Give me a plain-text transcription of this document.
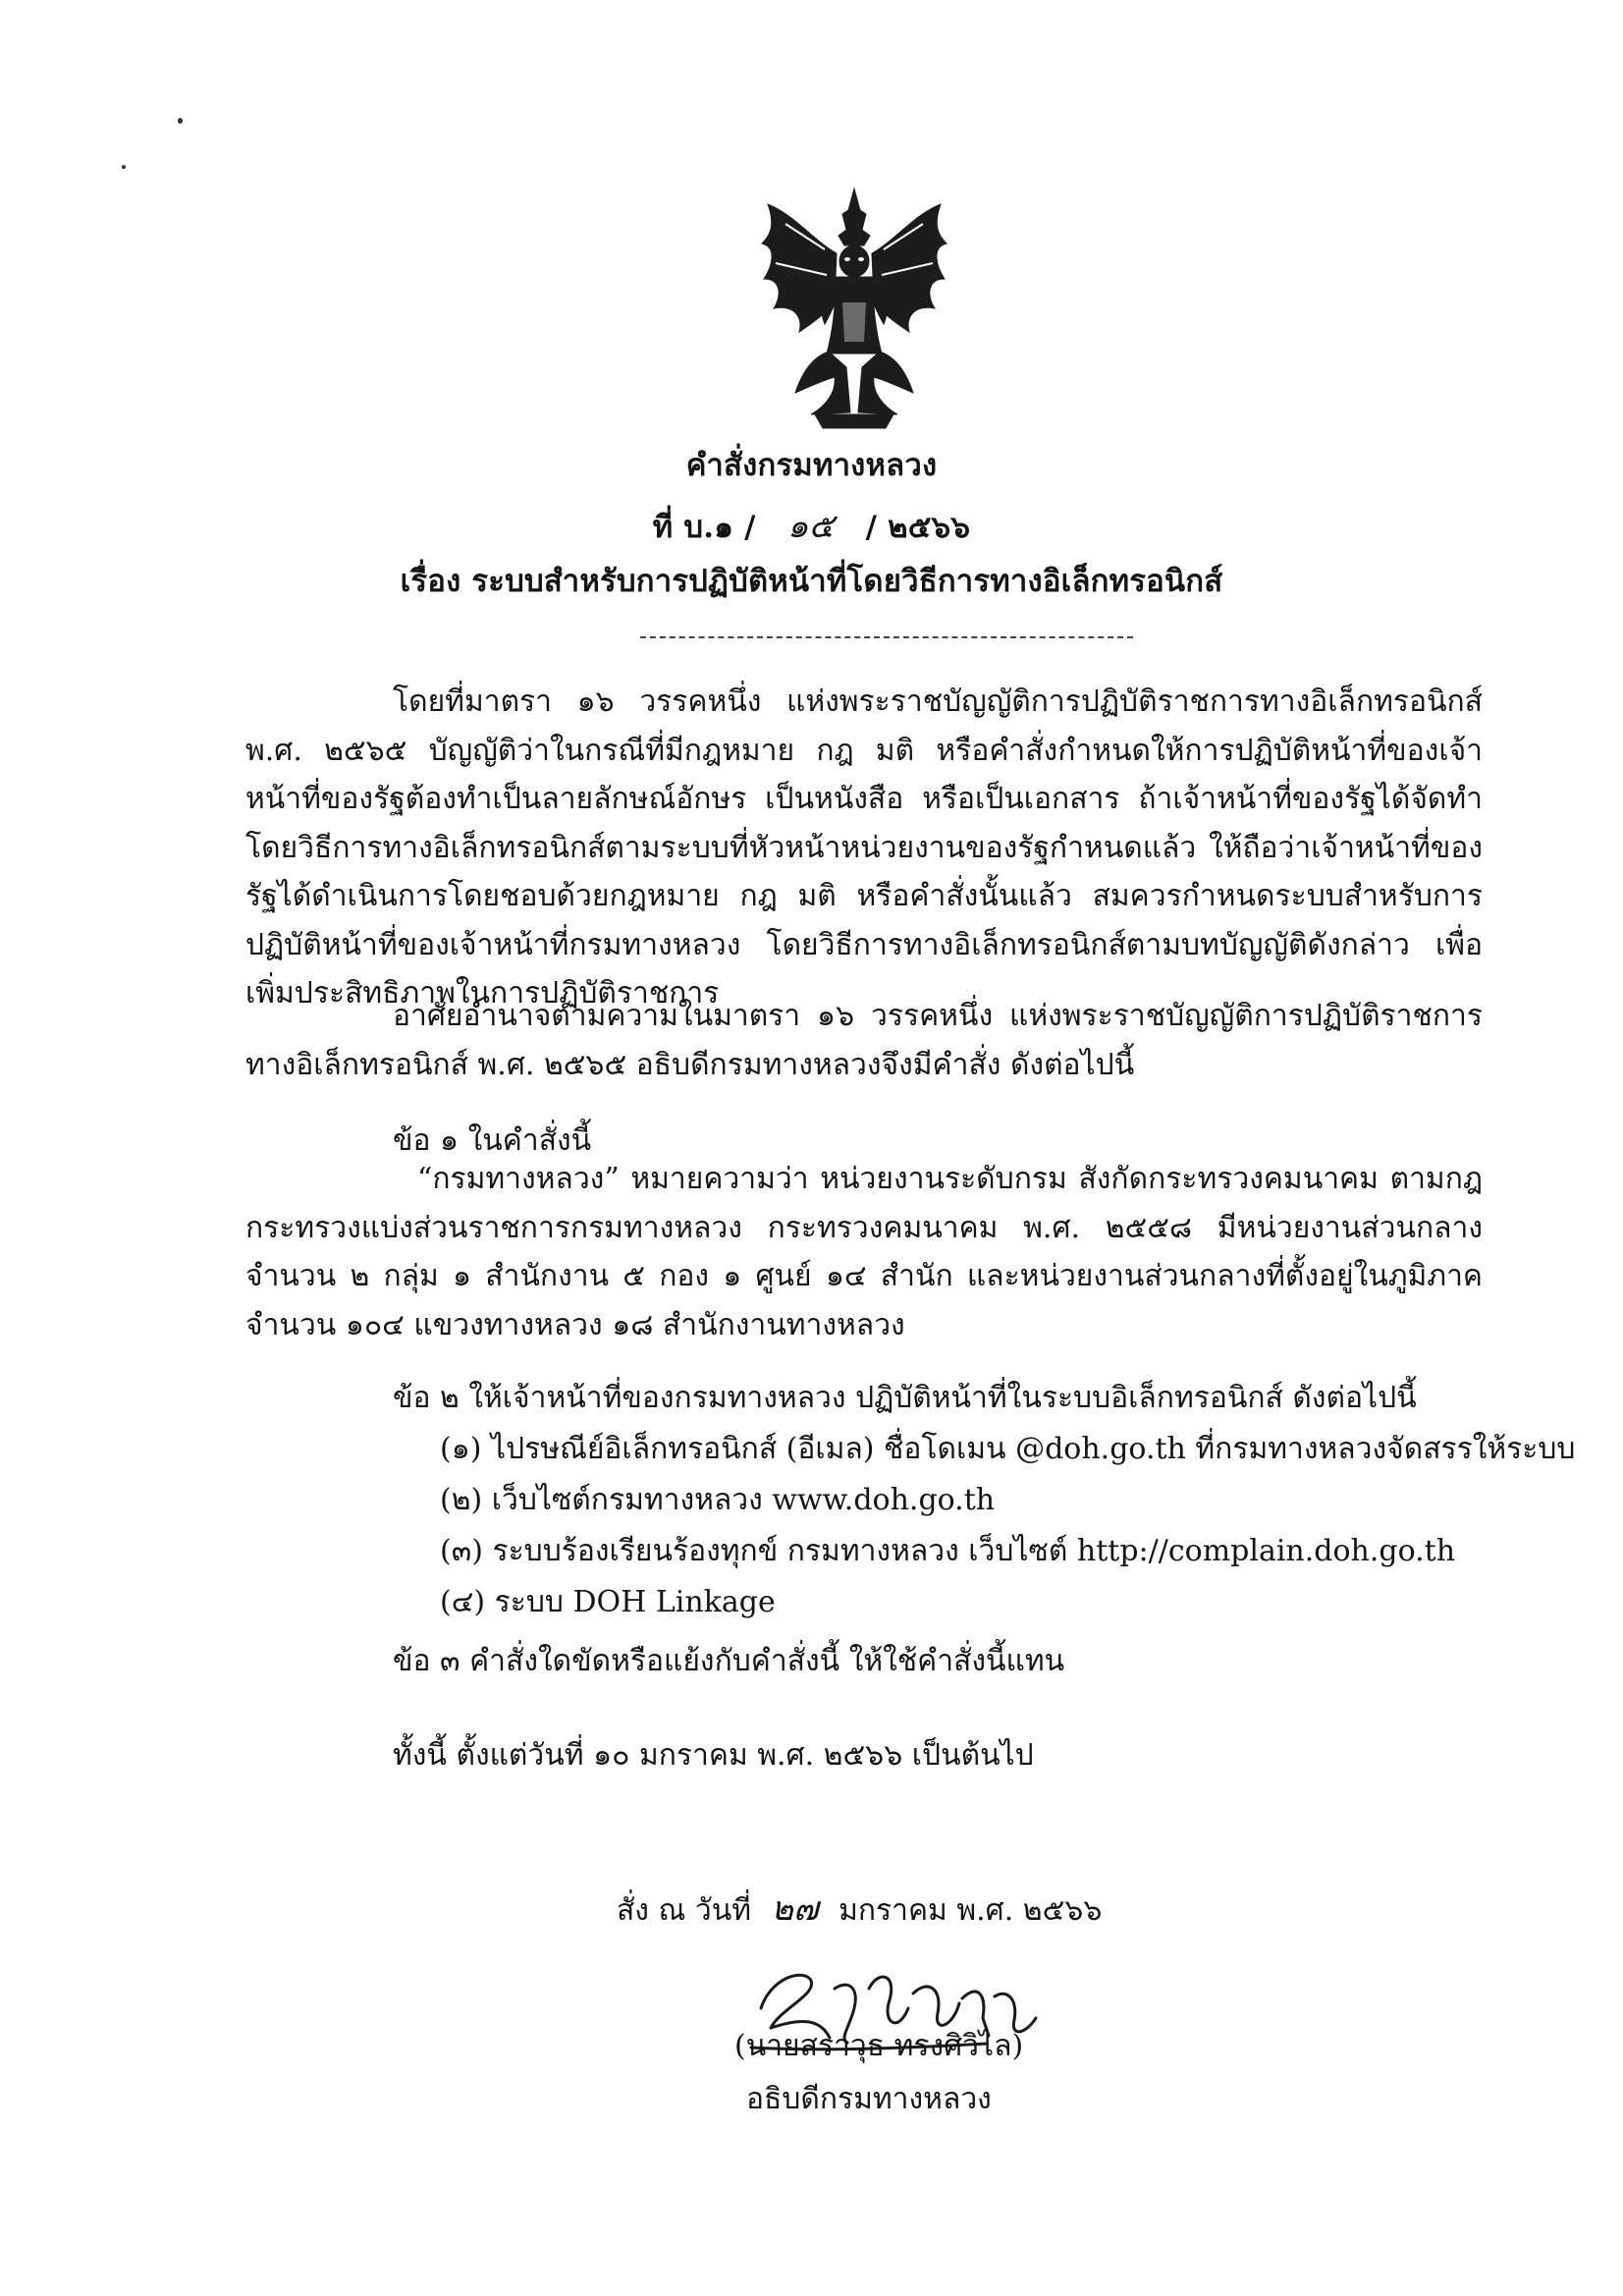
คำสั่งกรมทางหลวง
ที่ บ.๑ / ๑๕ / ๒๕๖๖
เรื่อง ระบบสำหรับการปฏิบัติหน้าที่โดยวิธีการทางอิเล็กทรอนิกส์
โดยที่มาตรา ๑๖ วรรคหนึ่ง แห่งพระราชบัญญัติการปฏิบัติราชการทางอิเล็กทรอนิกส์ พ.ศ. ๒๕๖๕ บัญญัติว่าในกรณีที่มีกฎหมาย กฎ มติ หรือคำสั่งกำหนดให้การปฏิบัติหน้าที่ของเจ้าหน้าที่ของรัฐต้องทำเป็นลายลักษณ์อักษร เป็นหนังสือ หรือเป็นเอกสาร ถ้าเจ้าหน้าที่ของรัฐได้จัดทำโดยวิธีการทางอิเล็กทรอนิกส์ตามระบบที่หัวหน้าหน่วยงานของรัฐกำหนดแล้ว ให้ถือว่าเจ้าหน้าที่ของรัฐได้ดำเนินการโดยชอบด้วยกฎหมาย กฎ มติ หรือคำสั่งนั้นแล้ว สมควรกำหนดระบบสำหรับการปฏิบัติหน้าที่ของเจ้าหน้าที่กรมทางหลวง โดยวิธีการทางอิเล็กทรอนิกส์ตามบทบัญญัติดังกล่าว เพื่อเพิ่มประสิทธิภาพในการปฏิบัติราชการ
อาศัยอำนาจตามความในมาตรา ๑๖ วรรคหนึ่ง แห่งพระราชบัญญัติการปฏิบัติราชการทางอิเล็กทรอนิกส์ พ.ศ. ๒๕๖๕ อธิบดีกรมทางหลวงจึงมีคำสั่ง ดังต่อไปนี้
ข้อ ๑ ในคำสั่งนี้
“กรมทางหลวง” หมายความว่า หน่วยงานระดับกรม สังกัดกระทรวงคมนาคม ตามกฎกระทรวงแบ่งส่วนราชการกรมทางหลวง กระทรวงคมนาคม พ.ศ. ๒๕๕๘ มีหน่วยงานส่วนกลางจำนวน ๒ กลุ่ม ๑ สำนักงาน ๕ กอง ๑ ศูนย์ ๑๔ สำนัก และหน่วยงานส่วนกลางที่ตั้งอยู่ในภูมิภาคจำนวน ๑๐๔ แขวงทางหลวง ๑๘ สำนักงานทางหลวง
ข้อ ๒ ให้เจ้าหน้าที่ของกรมทางหลวง ปฏิบัติหน้าที่ในระบบอิเล็กทรอนิกส์ ดังต่อไปนี้
(๑) ไปรษณีย์อิเล็กทรอนิกส์ (อีเมล) ชื่อโดเมน @doh.go.th ที่กรมทางหลวงจัดสรรให้ระบบ
(๒) เว็บไซต์กรมทางหลวง www.doh.go.th
(๓) ระบบร้องเรียนร้องทุกข์ กรมทางหลวง เว็บไซต์ http://complain.doh.go.th
(๔) ระบบ DOH Linkage
ข้อ ๓ คำสั่งใดขัดหรือแย้งกับคำสั่งนี้ ให้ใช้คำสั่งนี้แทน
ทั้งนี้ ตั้งแต่วันที่ ๑๐ มกราคม พ.ศ. ๒๕๖๖ เป็นต้นไป
สั่ง ณ วันที่ ๒๗ มกราคม พ.ศ. ๒๕๖๖
(นายสราวุธ ทรงศิวิไล)
อธิบดีกรมทางหลวง
